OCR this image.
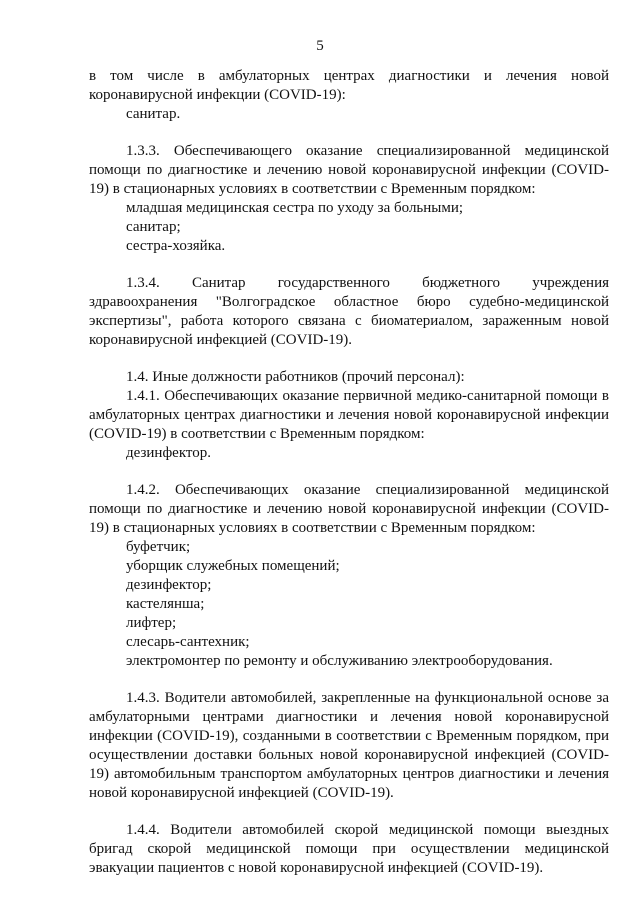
5

в том числе в амбулаторных центрах диагностики и лечения новой коронавирусной инфекции (COVID-19):

санитар.

1.3.3. Обеспечивающего оказание специализированной медицинской помощи по диагностике и лечению новой коронавирусной инфекции (COVID-19) в стационарных условиях в соответствии с Временным порядком:

младшая медицинская сестра по уходу за больными;

санитар;

сестра-хозяйка.

1.3.4. Санитар государственного бюджетного учреждения

здравоохранения "Волгоградское областное бюро судебно-медицинской экспертизы", работа которого связана с биоматериалом, зараженным новой коронавирусной инфекцией (COVID-19).

1.4. Иные должности работников (прочий персонал):

1.4.1. Обеспечивающих оказание первичной медико-санитарной помощи в амбулаторных центрах диагностики и лечения новой коронавирусной инфекции (COVID-19) в соответствии с Временным порядком:

дезинфектор.

1.4.2. Обеспечивающих оказание специализированной медицинской помощи по диагностике и лечению новой коронавирусной инфекции (COVID-19) в стационарных условиях в соответствии с Временным порядком:

буфетчик;

уборщик служебных помещений;

дезинфектор;

кастелянша;

лифтер;

слесарь-сантехник;

электромонтер по ремонту и обслуживанию электрооборудования.

1.4.3. Водители автомобилей, закрепленные на функциональной основе за амбулаторными центрами диагностики и лечения новой коронавирусной инфекции (COVID-19), созданными в соответствии с Временным порядком, при осуществлении доставки больных новой коронавирусной инфекцией (COVID-19) автомобильным транспортом амбулаторных центров диагностики и лечения новой коронавирусной инфекцией (COVID-19).

1.4.4. Водители автомобилей скорой медицинской помощи выездных бригад скорой медицинской помощи при осуществлении медицинской эвакуации пациентов с новой коронавирусной инфекцией (COVID-19).
